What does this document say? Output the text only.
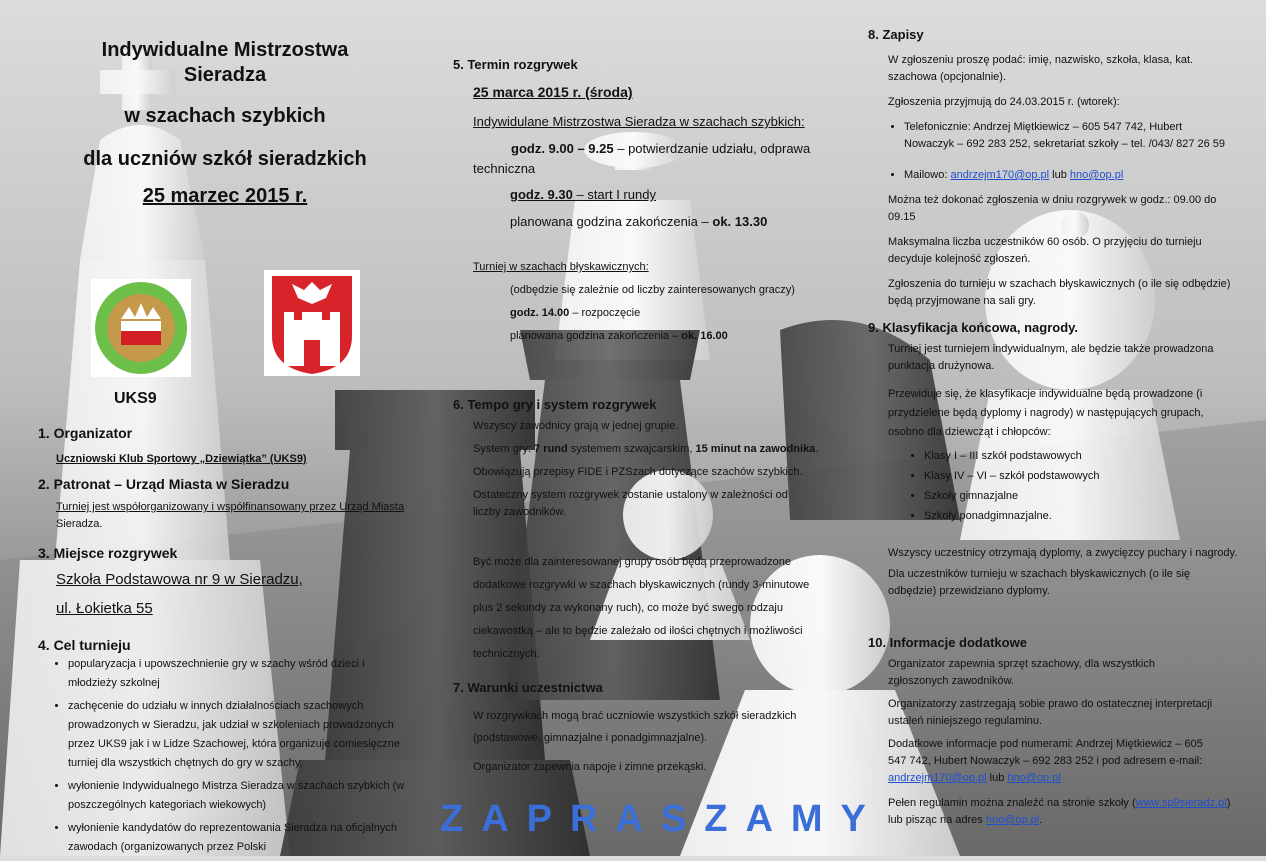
Indywidualne Mistrzostwa
Sieradza
w szachach szybkich
dla uczniów szkół sieradzkich
25 marzec 2015 r.
UKS9
1. Organizator
Uczniowski Klub Sportowy „Dziewiątka” (UKS9)
2. Patronat – Urząd Miasta w Sieradzu
Turniej jest współorganizowany i współfinansowany przez Urząd Miasta
Sieradza.
3. Miejsce rozgrywek
Szkoła Podstawowa nr 9 w Sieradzu,
ul. Łokietka 55
4. Cel turnieju
• popularyzacja i upowszechnienie gry w szachy wśród dzieci i młodzieży szkolnej
• zachęcenie do udziału w innych działalnościach szachowych prowadzonych w Sieradzu, jak udział w szkoleniach prowadzonych przez UKS9 jak i w Lidze Szachowej, która organizuje comiesięczne turniej dla wszystkich chętnych do gry w szachy,
• wyłonienie Indywidualnego Mistrza Sieradza w szachach szybkich (w poszczególnych kategoriach wiekowych)
• wyłonienie kandydatów do reprezentowania Sieradza na oficjalnych zawodach (organizowanych przez Polski
5. Termin rozgrywek
25 marca 2015 r. (środa)
Indywidulane Mistrzostwa Sieradza w szachach szybkich:
godz. 9.00 – 9.25 – potwierdzanie udziału, odprawa
techniczna
godz. 9.30 – start I rundy
planowana godzina zakończenia – ok. 13.30
Turniej w szachach błyskawicznych:
(odbędzie się zależnie od liczby zainteresowanych graczy)
godz. 14.00 – rozpoczęcie
planowana godzina zakończenia – ok. 16.00
6. Tempo gry i system rozgrywek
Wszyscy zawodnicy grają w jednej grupie.
System gry: 7 rund systemem szwajcarskim, 15 minut na zawodnika.
Obowiązują przepisy FIDE i PZSzach dotyczące szachów szybkich.
Ostateczny system rozgrywek zostanie ustalony w zależności od liczby zawodników.
Być może dla zainteresowanej grupy osób będą przeprowadzone dodatkowe rozgrywki w szachach błyskawicznych (rundy 3-minutowe plus 2 sekundy za wykonany ruch), co może być swego rodzaju ciekawostką – ale to będzie zależało od ilości chętnych i możliwości technicznych.
7. Warunki uczestnictwa
W rozgrywkach mogą brać uczniowie wszystkich szkół sieradzkich (podstawowe, gimnazjalne i ponadgimnazjalne).
Organizator zapewnia napoje i zimne przekąski.
ZAPRASZAMY
8. Zapisy
W zgłoszeniu proszę podać: imię, nazwisko, szkoła, klasa, kat. szachowa (opcjonalnie).
Zgłoszenia przyjmują do 24.03.2015 r. (wtorek):
• Telefonicznie: Andrzej Miętkiewicz – 605 547 742, Hubert Nowaczyk – 692 283 252, sekretariat szkoły – tel. /043/ 827 26 59
• Mailowo: andrzejm170@op.pl lub hno@op.pl
Można też dokonać zgłoszenia w dniu rozgrywek w godz.: 09.00 do 09.15
Maksymalna liczba uczestników 60 osób. O przyjęciu do turnieju decyduje kolejność zgłoszeń.
Zgłoszenia do turnieju w szachach błyskawicznych (o ile się odbędzie) będą przyjmowane na sali gry.
9. Klasyfikacja końcowa, nagrody.
Turniej jest turniejem indywidualnym, ale będzie także prowadzona punktacja drużynowa.
Przewiduje się, że klasyfikacje indywidualne będą prowadzone (i przydzielene będą dyplomy i nagrody) w następujących grupach, osobno dla dziewcząt i chłopców:
• Klasy I – III szkół podstawowych
• Klasy IV – VI – szkół podstawowych
• Szkoły gimnazjalne
• Szkoły ponadgimnazjalne.
Wszyscy uczestnicy otrzymają dyplomy, a zwycięzcy puchary i nagrody.
Dla uczestników turnieju w szachach błyskawicznych (o ile się odbędzie) przewidziano dyplomy.
10. Informacje dodatkowe
Organizator zapewnia sprzęt szachowy, dla wszystkich zgłoszonych zawodników.
Organizatorzy zastrzegają sobie prawo do ostatecznej interpretacji ustaleń niniejszego regulaminu.
Dodatkowe informacje pod numerami: Andrzej Miętkiewicz – 605 547 742, Hubert Nowaczyk – 692 283 252 i pod adresem e-mail:
andrzejm170@op.pl lub hno@op.pl
Pełen regulamin można znaleźć na stronie szkoły (www.sp9sieradz.pl) lub pisząc na adres hno@op.pl.
